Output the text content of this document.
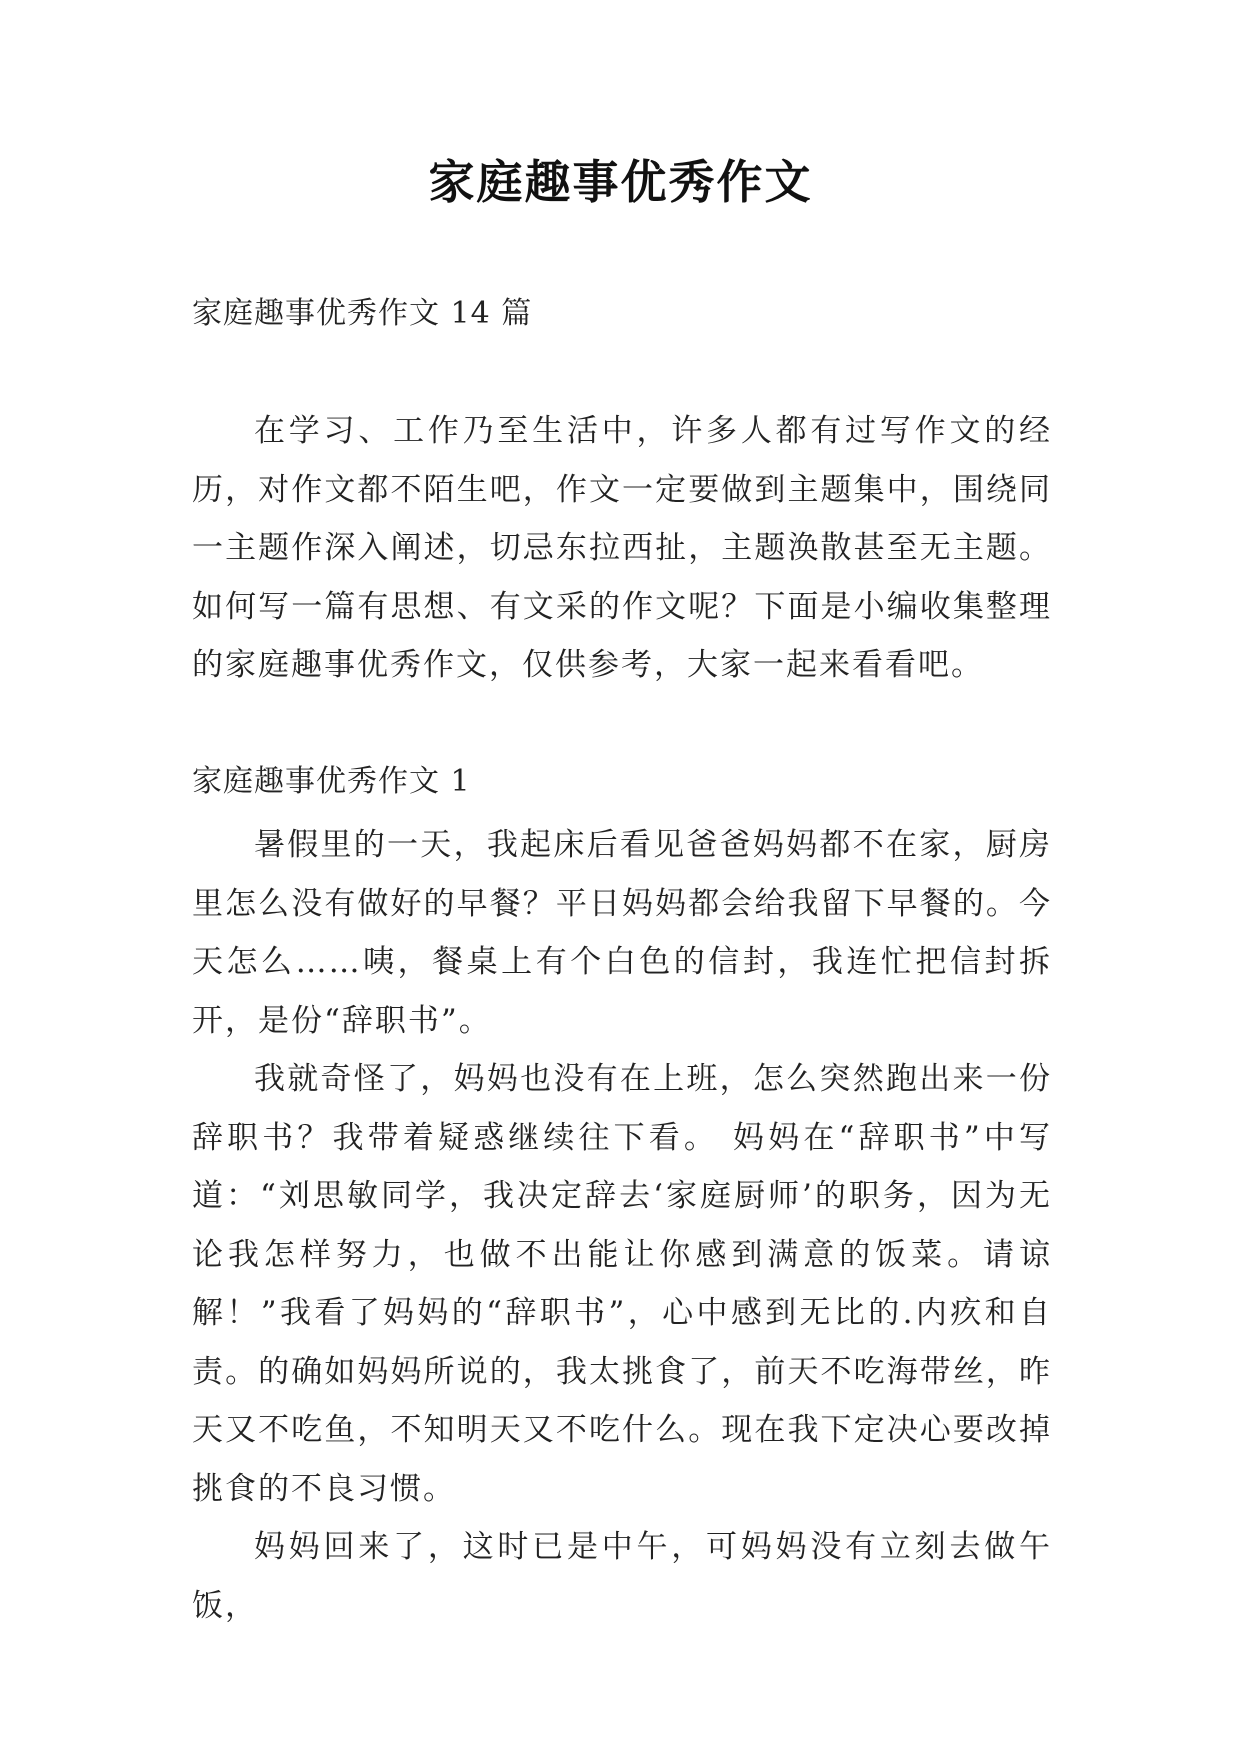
家庭趣事优秀作文

家庭趣事优秀作文 14 篇

在学习、工作乃至生活中，许多人都有过写作文的经历，对作文都不陌生吧，作文一定要做到主题集中，围绕同一主题作深入阐述，切忌东拉西扯，主题涣散甚至无主题。如何写一篇有思想、有文采的作文呢？下面是小编收集整理的家庭趣事优秀作文，仅供参考，大家一起来看看吧。

家庭趣事优秀作文 1

暑假里的一天，我起床后看见爸爸妈妈都不在家，厨房里怎么没有做好的早餐？平日妈妈都会给我留下早餐的。今天怎么……咦，餐桌上有个白色的信封，我连忙把信封拆开，是份“辞职书”。

我就奇怪了，妈妈也没有在上班，怎么突然跑出来一份辞职书？我带着疑惑继续往下看。 妈妈在“辞职书”中写道：“刘思敏同学，我决定辞去‘家庭厨师’的职务，因为无论我怎样努力，也做不出能让你感到满意的饭菜。请谅解！”我看了妈妈的“辞职书”，心中感到无比的.内疚和自责。的确如妈妈所说的，我太挑食了，前天不吃海带丝，昨天又不吃鱼，不知明天又不吃什么。现在我下定决心要改掉挑食的不良习惯。

妈妈回来了，这时已是中午，可妈妈没有立刻去做午饭，
